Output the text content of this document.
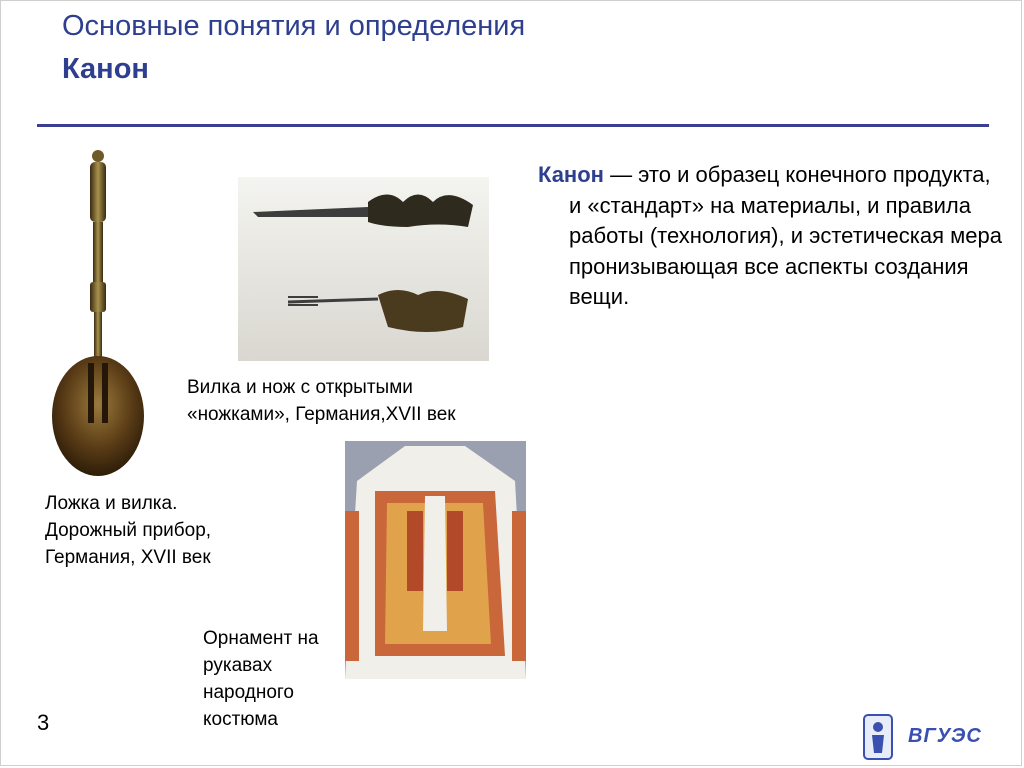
Основные понятия и определения
Канон
Канон — это и образец конечного продукта, и «стандарт» на материалы, и правила работы (технология), и эстетическая мера пронизывающая все аспекты создания вещи.
Вилка и нож с открытыми «ножками», Германия,XVII век
Ложка и вилка. Дорожный прибор, Германия, XVII век
Орнамент на рукавах народного костюма
3
ВГУЭС
